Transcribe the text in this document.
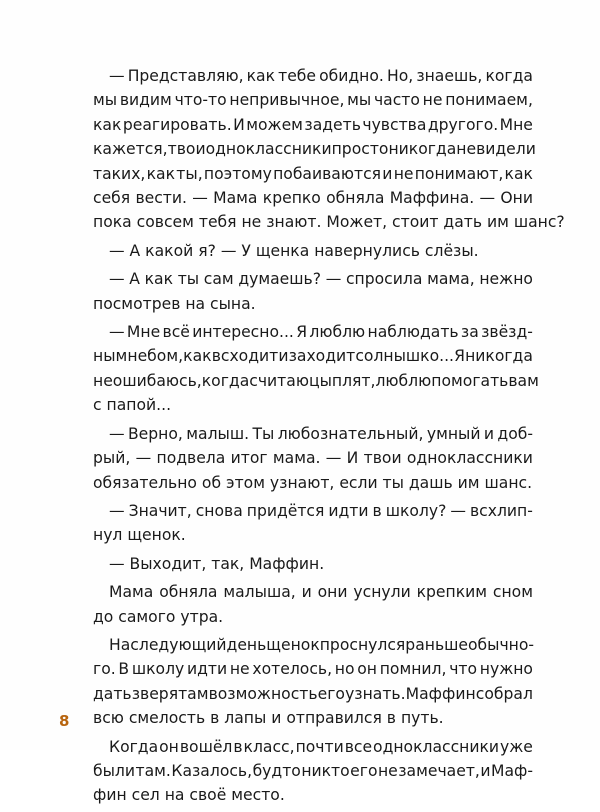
— Представляю, как тебе обидно. Но, знаешь, когда
мы видим что-то непривычное, мы часто не понимаем,
как реагировать. И можем задеть чувства другого. Мне
кажется, твои одноклассники просто никогда не видели
таких, как ты, поэтому побаиваются и не понимают, как
себя вести. — Мама крепко обняла Маффина. — Они
пока совсем тебя не знают. Может, стоит дать им шанс?
— А какой я? — У щенка навернулись слёзы.
— А как ты сам думаешь? — спросила мама, нежно
посмотрев на сына.
— Мне всё интересно... Я люблю наблюдать за звёзд-
ным небом, как всходит и заходит солнышко... Я никогда
не ошибаюсь, когда считаю цыплят, люблю помогать вам
с папой...
— Верно, малыш. Ты любознательный, умный и доб-
рый, — подвела итог мама. — И твои одноклассники
обязательно об этом узнают, если ты дашь им шанс.
— Значит, снова придётся идти в школу? — всхлип-
нул щенок.
— Выходит, так, Маффин.
Мама обняла малыша, и они уснули крепким сном
до самого утра.
На следующий день щенок проснулся раньше обычно-
го. В школу идти не хотелось, но он помнил, что нужно
дать зверятам возможность его узнать. Маффин собрал
всю смелость в лапы и отправился в путь.
Когда он вошёл в класс, почти все одноклассники уже
были там. Казалось, будто никто его не замечает, и Маф-
фин сел на своё место.
8
